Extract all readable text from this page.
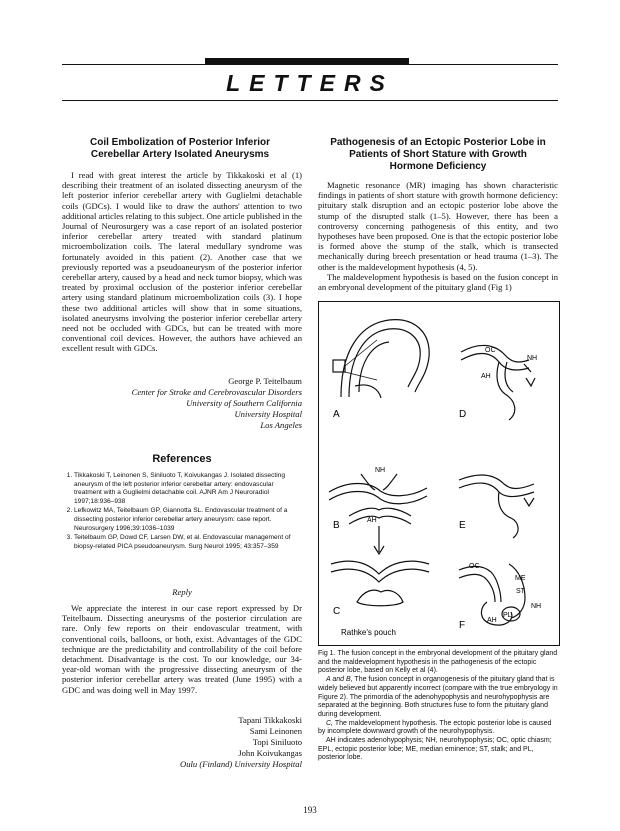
LETTERS
Coil Embolization of Posterior Inferior
Cerebellar Artery Isolated Aneurysms

I read with great interest the article by Tikkakoski et al (1) describing their treatment of an isolated dissecting aneurysm of the left posterior inferior cerebellar artery with Guglielmi detachable coils (GDCs). I would like to draw the authors' attention to two additional articles relating to this subject. One article published in the Journal of Neurosurgery was a case report of an isolated posterior inferior cerebellar artery treated with standard platinum microembolization coils. The lateral medullary syndrome was fortunately avoided in this patient (2). Another case that we previously reported was a pseudoaneurysm of the posterior inferior cerebellar artery, caused by a head and neck tumor biopsy, which was treated by proximal occlusion of the posterior inferior cerebellar artery using standard platinum microembolization coils (3). I hope these two additional articles will show that in some situations, isolated aneurysms involving the posterior inferior cerebellar artery need not be occluded with GDCs, but can be treated with more conventional coil devices. However, the authors have achieved an excellent result with GDCs.

George P. Teitelbaum
Center for Stroke and Cerebrovascular Disorders
University of Southern California
University Hospital
Los Angeles
References
1. Tikkakoski T, Leinonen S, Siniluoto T, Koivukangas J. Isolated dissecting aneurysm of the left posterior inferior cerebellar artery: endovascular treatment with a Guglielmi detachable coil. AJNR Am J Neuroradiol 1997;18:936–938
2. Lefkowitz MA, Teitelbaum GP, Giannotta SL. Endovascular treatment of a dissecting posterior inferior cerebellar artery aneurysm: case report. Neurosurgery 1996;39:1036–1039
3. Teitelbaum GP, Dowd CF, Larsen DW, et al. Endovascular management of biopsy-related PICA pseudoaneurysm. Surg Neurol 1995; 43:357–359
Reply

We appreciate the interest in our case report expressed by Dr Teitelbaum. Dissecting aneurysms of the posterior circulation are rare. Only few reports on their endovascular treatment, with conventional coils, balloons, or both, exist. Advantages of the GDC technique are the predictability and controllability of the coil before detachment. Disadvantage is the cost. To our knowledge, our 34-year-old woman with the progressive dissecting aneurysm of the posterior inferior cerebellar artery was treated (June 1995) with a GDC and was doing well in May 1997.

Tapani Tikkakoski
Sami Leinonen
Topi Siniluoto
John Koivukangas
Oulu (Finland) University Hospital
Pathogenesis of an Ectopic Posterior Lobe in
Patients of Short Stature with Growth
Hormone Deficiency

Magnetic resonance (MR) imaging has shown characteristic findings in patients of short stature with growth hormone deficiency: pituitary stalk disruption and an ectopic posterior lobe above the stump of the disrupted stalk (1–5). However, there has been a controversy concerning pathogenesis of this entity, and two hypotheses have been proposed. One is that the ectopic posterior lobe is formed above the stump of the stalk, which is transected mechanically during breech presentation or head trauma (1–3). The other is the maldevelopment hypothesis (4, 5).

The maldevelopment hypothesis is based on the fusion concept in an embryonal development of the pituitary gland (Fig 1)

A
B
C
D
E
F
OC
NH
AH
NH
AH
OC
ME
ST
NH
AH
PL
Rathke's pouch

Fig 1. The fusion concept in the embryonal development of the pituitary gland and the maldevelopment hypothesis in the pathogenesis of the ectopic posterior lobe, based on Kelly et al (4).

A and B, The fusion concept in organogenesis of the pituitary gland that is widely believed but apparently incorrect (compare with the true embryology in Figure 2). The primordia of the adenohypophysis and neurohypophysis are separated at the beginning. Both structures fuse to form the pituitary gland during development.

C, The maldevelopment hypothesis. The ectopic posterior lobe is caused by incomplete downward growth of the neurohypophysis.

AH indicates adenohypophysis; NH, neurohypophysis; OC, optic chiasm; EPL, ectopic posterior lobe; ME, median eminence; ST, stalk; and PL, posterior lobe.

193
